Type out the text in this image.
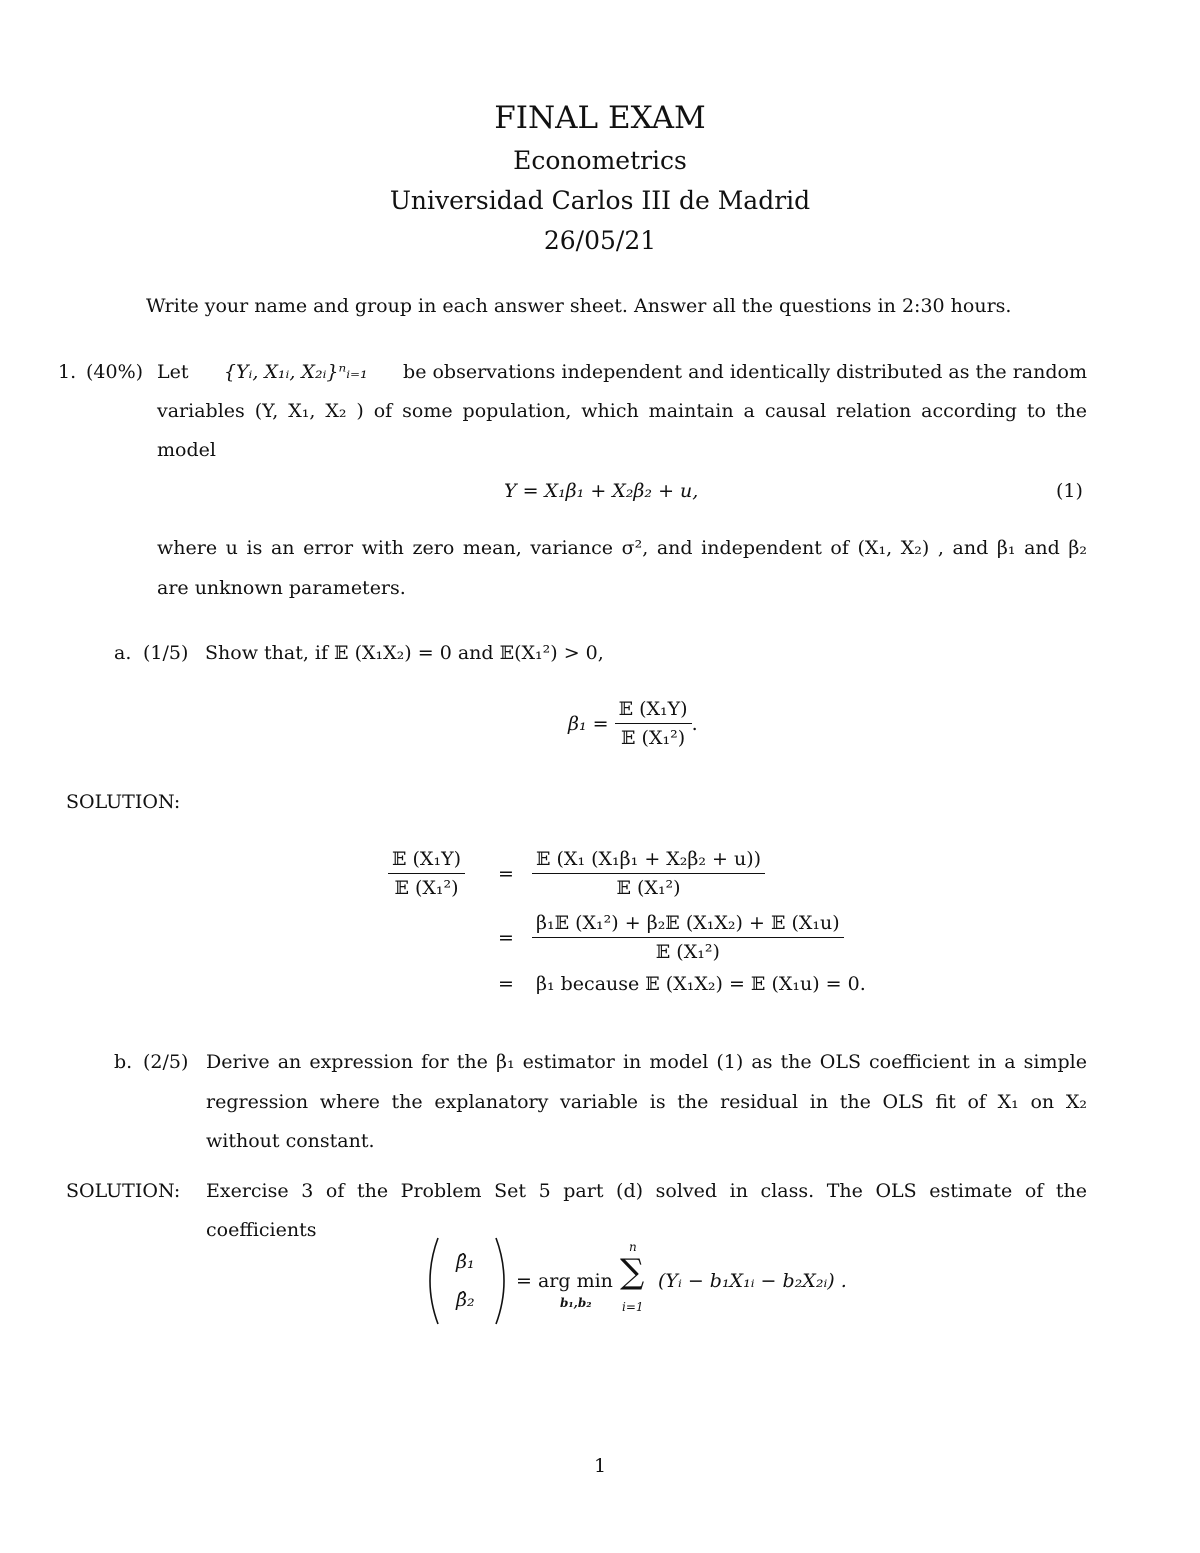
FINAL EXAM
Econometrics
Universidad Carlos III de Madrid
26/05/21
Write your name and group in each answer sheet. Answer all the questions in 2:30 hours.
1. (40%) Let {Yᵢ, X₁ᵢ, X₂ᵢ}ⁿᵢ₌₁ be observations independent and identically distributed as the random
variables (Y, X₁, X₂ ) of some population, which maintain a causal relation according to the
model
Y = X₁β₁ + X₂β₂ + u,	(1)
where u is an error with zero mean, variance σ², and independent of (X₁, X₂) , and β₁ and β₂
are unknown parameters.
a. (1/5) Show that, if 𝔼 (X₁X₂) = 0 and 𝔼(X₁²) > 0,
$\beta_1 = \frac{\text{𝔼 (X₁Y)}}{\text{𝔼 (X₁²)}}$ .
SOLUTION:
$\frac{\text{𝔼 (X₁Y)}}{\text{𝔼 (X₁²)}} = \frac{\text{𝔼 (X₁ (X₁β₁ + X₂β₂ + u))}}{\text{𝔼 (X₁²)}}$
= $\frac{\text{β₁𝔼 (X₁²) + β₂𝔼 (X₁X₂) + 𝔼 (X₁u)}}{\text{𝔼 (X₁²)}}$
= β₁ because 𝔼 (X₁X₂) = 𝔼 (X₁u) = 0.
b. (2/5) Derive an expression for the β₁ estimator in model (1) as the OLS coefficient in a simple
regression where the explanatory variable is the residual in the OLS fit of X₁ on X₂
without constant.
SOLUTION: Exercise 3 of the Problem Set 5 part (d) solved in class. The OLS estimate of the
coefficients
β̂₁
β̂₂
= arg min
b₁,b₂
n
∑
i=1
(Yᵢ − b₁X₁ᵢ − b₂X₂ᵢ) .
1
